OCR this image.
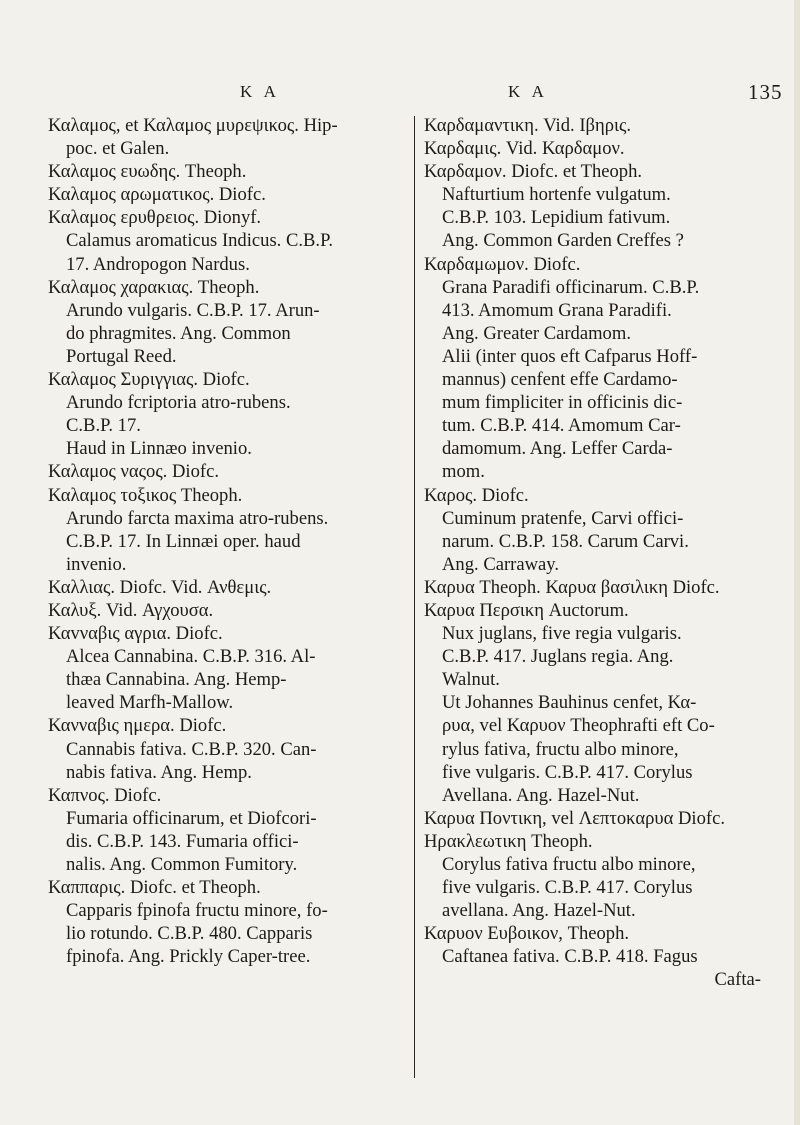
K A	K A	135
Καλαμος, et Καλαμος μυρεψικος. Hip-
poc. et Galen.
Καλαμος ευωδης. Theoph.
Καλαμος αρωματικος. Diofc.
Καλαμος ερυθρειος. Dionyf.
Calamus aromaticus Indicus. C.B.P.
17. Andropogon Nardus.
Καλαμος χαρακιας. Theoph.
Arundo vulgaris. C.B.P. 17. Arun-
do phragmites. Ang. Common
Portugal Reed.
Καλαμος Συριγγιας. Diofc.
Arundo fcriptoria atro-rubens.
C.B.P. 17.
Haud in Linnæo invenio.
Καλαμος ναςος. Diofc.
Καλαμος τοξικος Theoph.
Arundo farcta maxima atro-rubens.
C.B.P. 17. In Linnæi oper. haud
invenio.
Καλλιας. Diofc. Vid. Ανθεμις.
Καλυξ. Vid. Αγχουσα.
Καvναβις αγρια. Diofc.
Alcea Cannabina. C.B.P. 316. Al-
thæa Cannabina. Ang. Hemp-
leaved Marfh-Mallow.
Κανναβις ημερα. Diofc.
Cannabis fativa. C.B.P. 320. Can-
nabis fativa. Ang. Hemp.
Καπνος. Diofc.
Fumaria officinarum, et Diofcori-
dis. C.B.P. 143. Fumaria offici-
nalis. Ang. Common Fumitory.
Καππαρις. Diofc. et Theoph.
Capparis fpinofa fructu minore, fo-
lio rotundo. C.B.P. 480. Capparis
fpinofa. Ang. Prickly Caper-tree.
Καρδαμαντικη. Vid. Ιβηρις.
Καρδαμις. Vid. Καρδαμον.
Καρδαμον. Diofc. et Theoph.
Nafturtium hortenfe vulgatum.
C.B.P. 103. Lepidium fativum.
Ang. Common Garden Creffes ?
Καρδαμωμον. Diofc.
Grana Paradifi officinarum. C.B.P.
413. Amomum Grana Paradifi.
Ang. Greater Cardamom.
Alii (inter quos eft Cafparus Hoff-
mannus) cenfent effe Cardamo-
mum fimpliciter in officinis dic-
tum. C.B.P. 414. Amomum Car-
damomum. Ang. Leffer Carda-
mom.
Καρος. Diofc.
Cuminum pratenfe, Carvi offici-
narum. C.B.P. 158. Carum Carvi.
Ang. Carraway.
Καρυα Theoph. Καρυα βασιλικη Diofc.
Καρυα Περσικη Auctorum.
Nux juglans, five regia vulgaris.
C.B.P. 417. Juglans regia. Ang.
Walnut.
Ut Johannes Bauhinus cenfet, Κα-
ρυα, vel Καρυον Theophrafti eft Co-
rylus fativa, fructu albo minore,
five vulgaris. C.B.P. 417. Corylus
Avellana. Ang. Hazel-Nut.
Καρυα Ποντικη, vel Λεπτοκαρυα Diofc.
Ηρακλεωτικη Theoph.
Corylus fativa fructu albo minore,
five vulgaris. C.B.P. 417. Corylus
avellana. Ang. Hazel-Nut.
Καρυον Ευβοικον, Theoph.
Caftanea fativa. C.B.P. 418. Fagus
Cafta-
